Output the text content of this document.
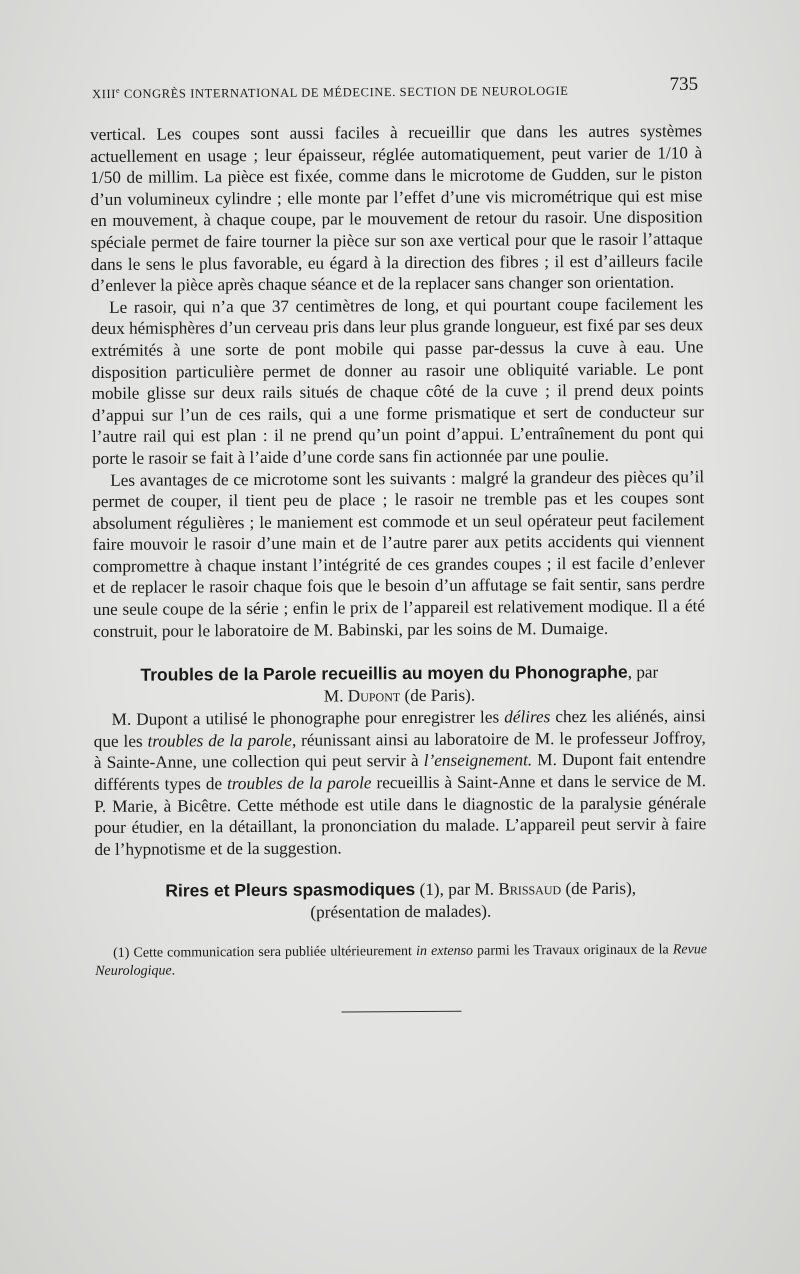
XIIIe CONGRÈS INTERNATIONAL DE MÉDECINE. SECTION DE NEUROLOGIE	735

vertical. Les coupes sont aussi faciles à recueillir que dans les autres systèmes actuellement en usage ; leur épaisseur, réglée automatiquement, peut varier de 1/10 à 1/50 de millim. La pièce est fixée, comme dans le microtome de Gudden, sur le piston d’un volumineux cylindre ; elle monte par l’effet d’une vis micrométrique qui est mise en mouvement, à chaque coupe, par le mouvement de retour du rasoir. Une disposition spéciale permet de faire tourner la pièce sur son axe vertical pour que le rasoir l’attaque dans le sens le plus favorable, eu égard à la direction des fibres ; il est d’ailleurs facile d’enlever la pièce après chaque séance et de la replacer sans changer son orientation.

Le rasoir, qui n’a que 37 centimètres de long, et qui pourtant coupe facilement les deux hémisphères d’un cerveau pris dans leur plus grande longueur, est fixé par ses deux extrémités à une sorte de pont mobile qui passe par-dessus la cuve à eau. Une disposition particulière permet de donner au rasoir une obliquité variable. Le pont mobile glisse sur deux rails situés de chaque côté de la cuve ; il prend deux points d’appui sur l’un de ces rails, qui a une forme prismatique et sert de conducteur sur l’autre rail qui est plan : il ne prend qu’un point d’appui. L’entraînement du pont qui porte le rasoir se fait à l’aide d’une corde sans fin actionnée par une poulie.

Les avantages de ce microtome sont les suivants : malgré la grandeur des pièces qu’il permet de couper, il tient peu de place ; le rasoir ne tremble pas et les coupes sont absolument régulières ; le maniement est commode et un seul opérateur peut facilement faire mouvoir le rasoir d’une main et de l’autre parer aux petits accidents qui viennent compromettre à chaque instant l’intégrité de ces grandes coupes ; il est facile d’enlever et de replacer le rasoir chaque fois que le besoin d’un affutage se fait sentir, sans perdre une seule coupe de la série ; enfin le prix de l’appareil est relativement modique. Il a été construit, pour le laboratoire de M. Babinski, par les soins de M. Dumaige.

Troubles de la Parole recueillis au moyen du Phonographe, par
M. Dupont (de Paris).

M. Dupont a utilisé le phonographe pour enregistrer les délires chez les aliénés, ainsi que les troubles de la parole, réunissant ainsi au laboratoire de M. le professeur Joffroy, à Sainte-Anne, une collection qui peut servir à l’enseignement. M. Dupont fait entendre différents types de troubles de la parole recueillis à Saint-Anne et dans le service de M. P. Marie, à Bicêtre. Cette méthode est utile dans le diagnostic de la paralysie générale pour étudier, en la détaillant, la prononciation du malade. L’appareil peut servir à faire de l’hypnotisme et de la suggestion.

Rires et Pleurs spasmodiques (1), par M. Brissaud (de Paris),
(présentation de malades).

(1) Cette communication sera publiée ultérieurement in extenso parmi les Travaux originaux de la Revue Neurologique.
